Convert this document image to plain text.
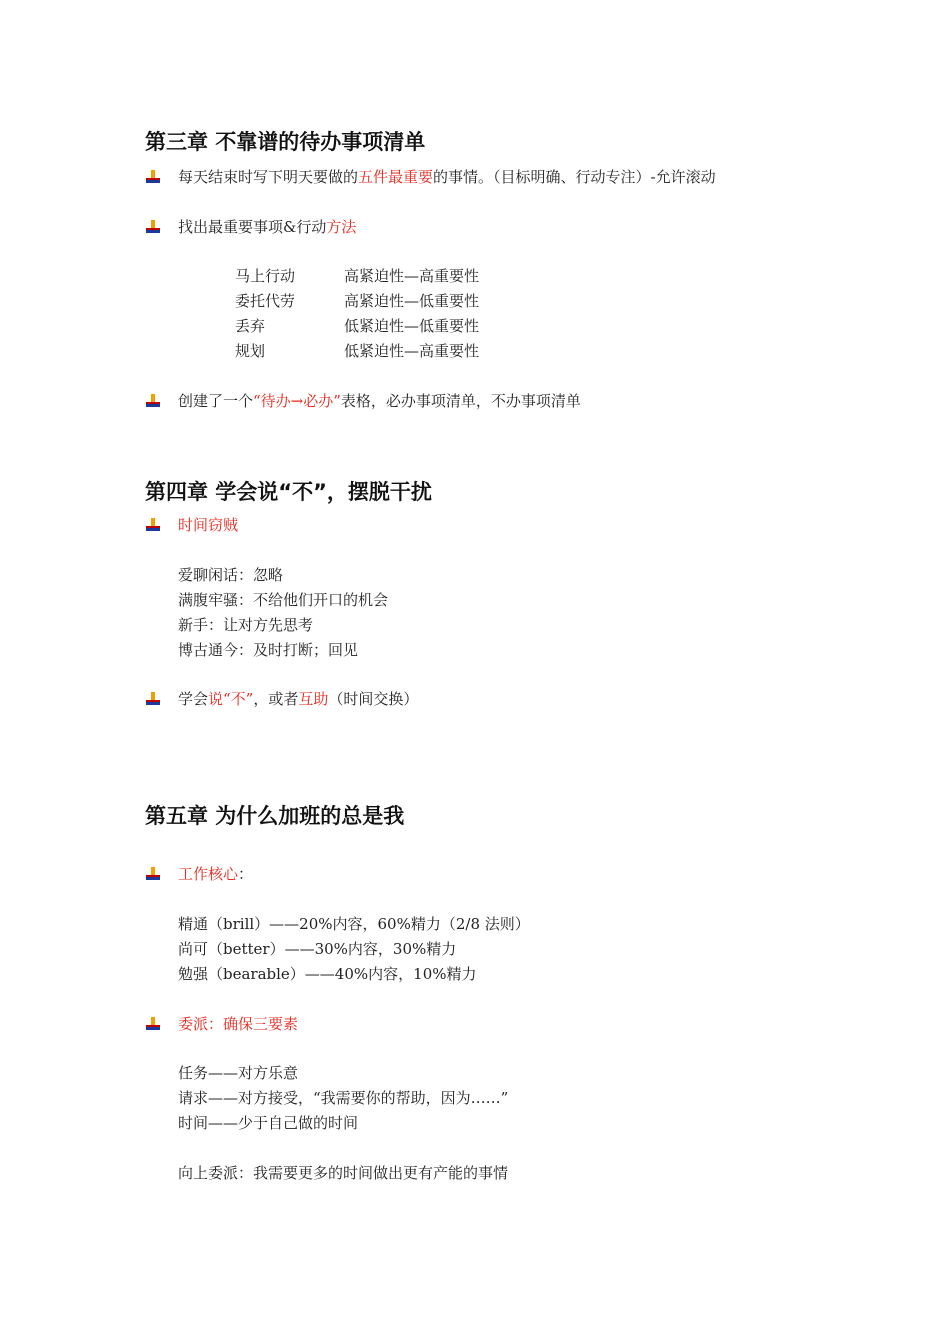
第三章 不靠谱的待办事项清单
每天结束时写下明天要做的五件最重要的事情。（目标明确、行动专注）-允许滚动
找出最重要事项&行动方法
马上行动	高紧迫性—高重要性
委托代劳	高紧迫性—低重要性
丢弃	低紧迫性—低重要性
规划	低紧迫性—高重要性
创建了一个“待办→必办”表格，必办事项清单，不办事项清单
第四章 学会说“不”，摆脱干扰
时间窃贼
爱聊闲话：忽略
满腹牢骚：不给他们开口的机会
新手：让对方先思考
博古通今：及时打断；回见
学会说“不”，或者互助（时间交换）
第五章 为什么加班的总是我
工作核心：
精通（brill）——20%内容，60%精力（2/8 法则）
尚可（better）——30%内容，30%精力
勉强（bearable）——40%内容，10%精力
委派：确保三要素
任务——对方乐意
请求——对方接受，“我需要你的帮助，因为……”
时间——少于自己做的时间
向上委派：我需要更多的时间做出更有产能的事情
